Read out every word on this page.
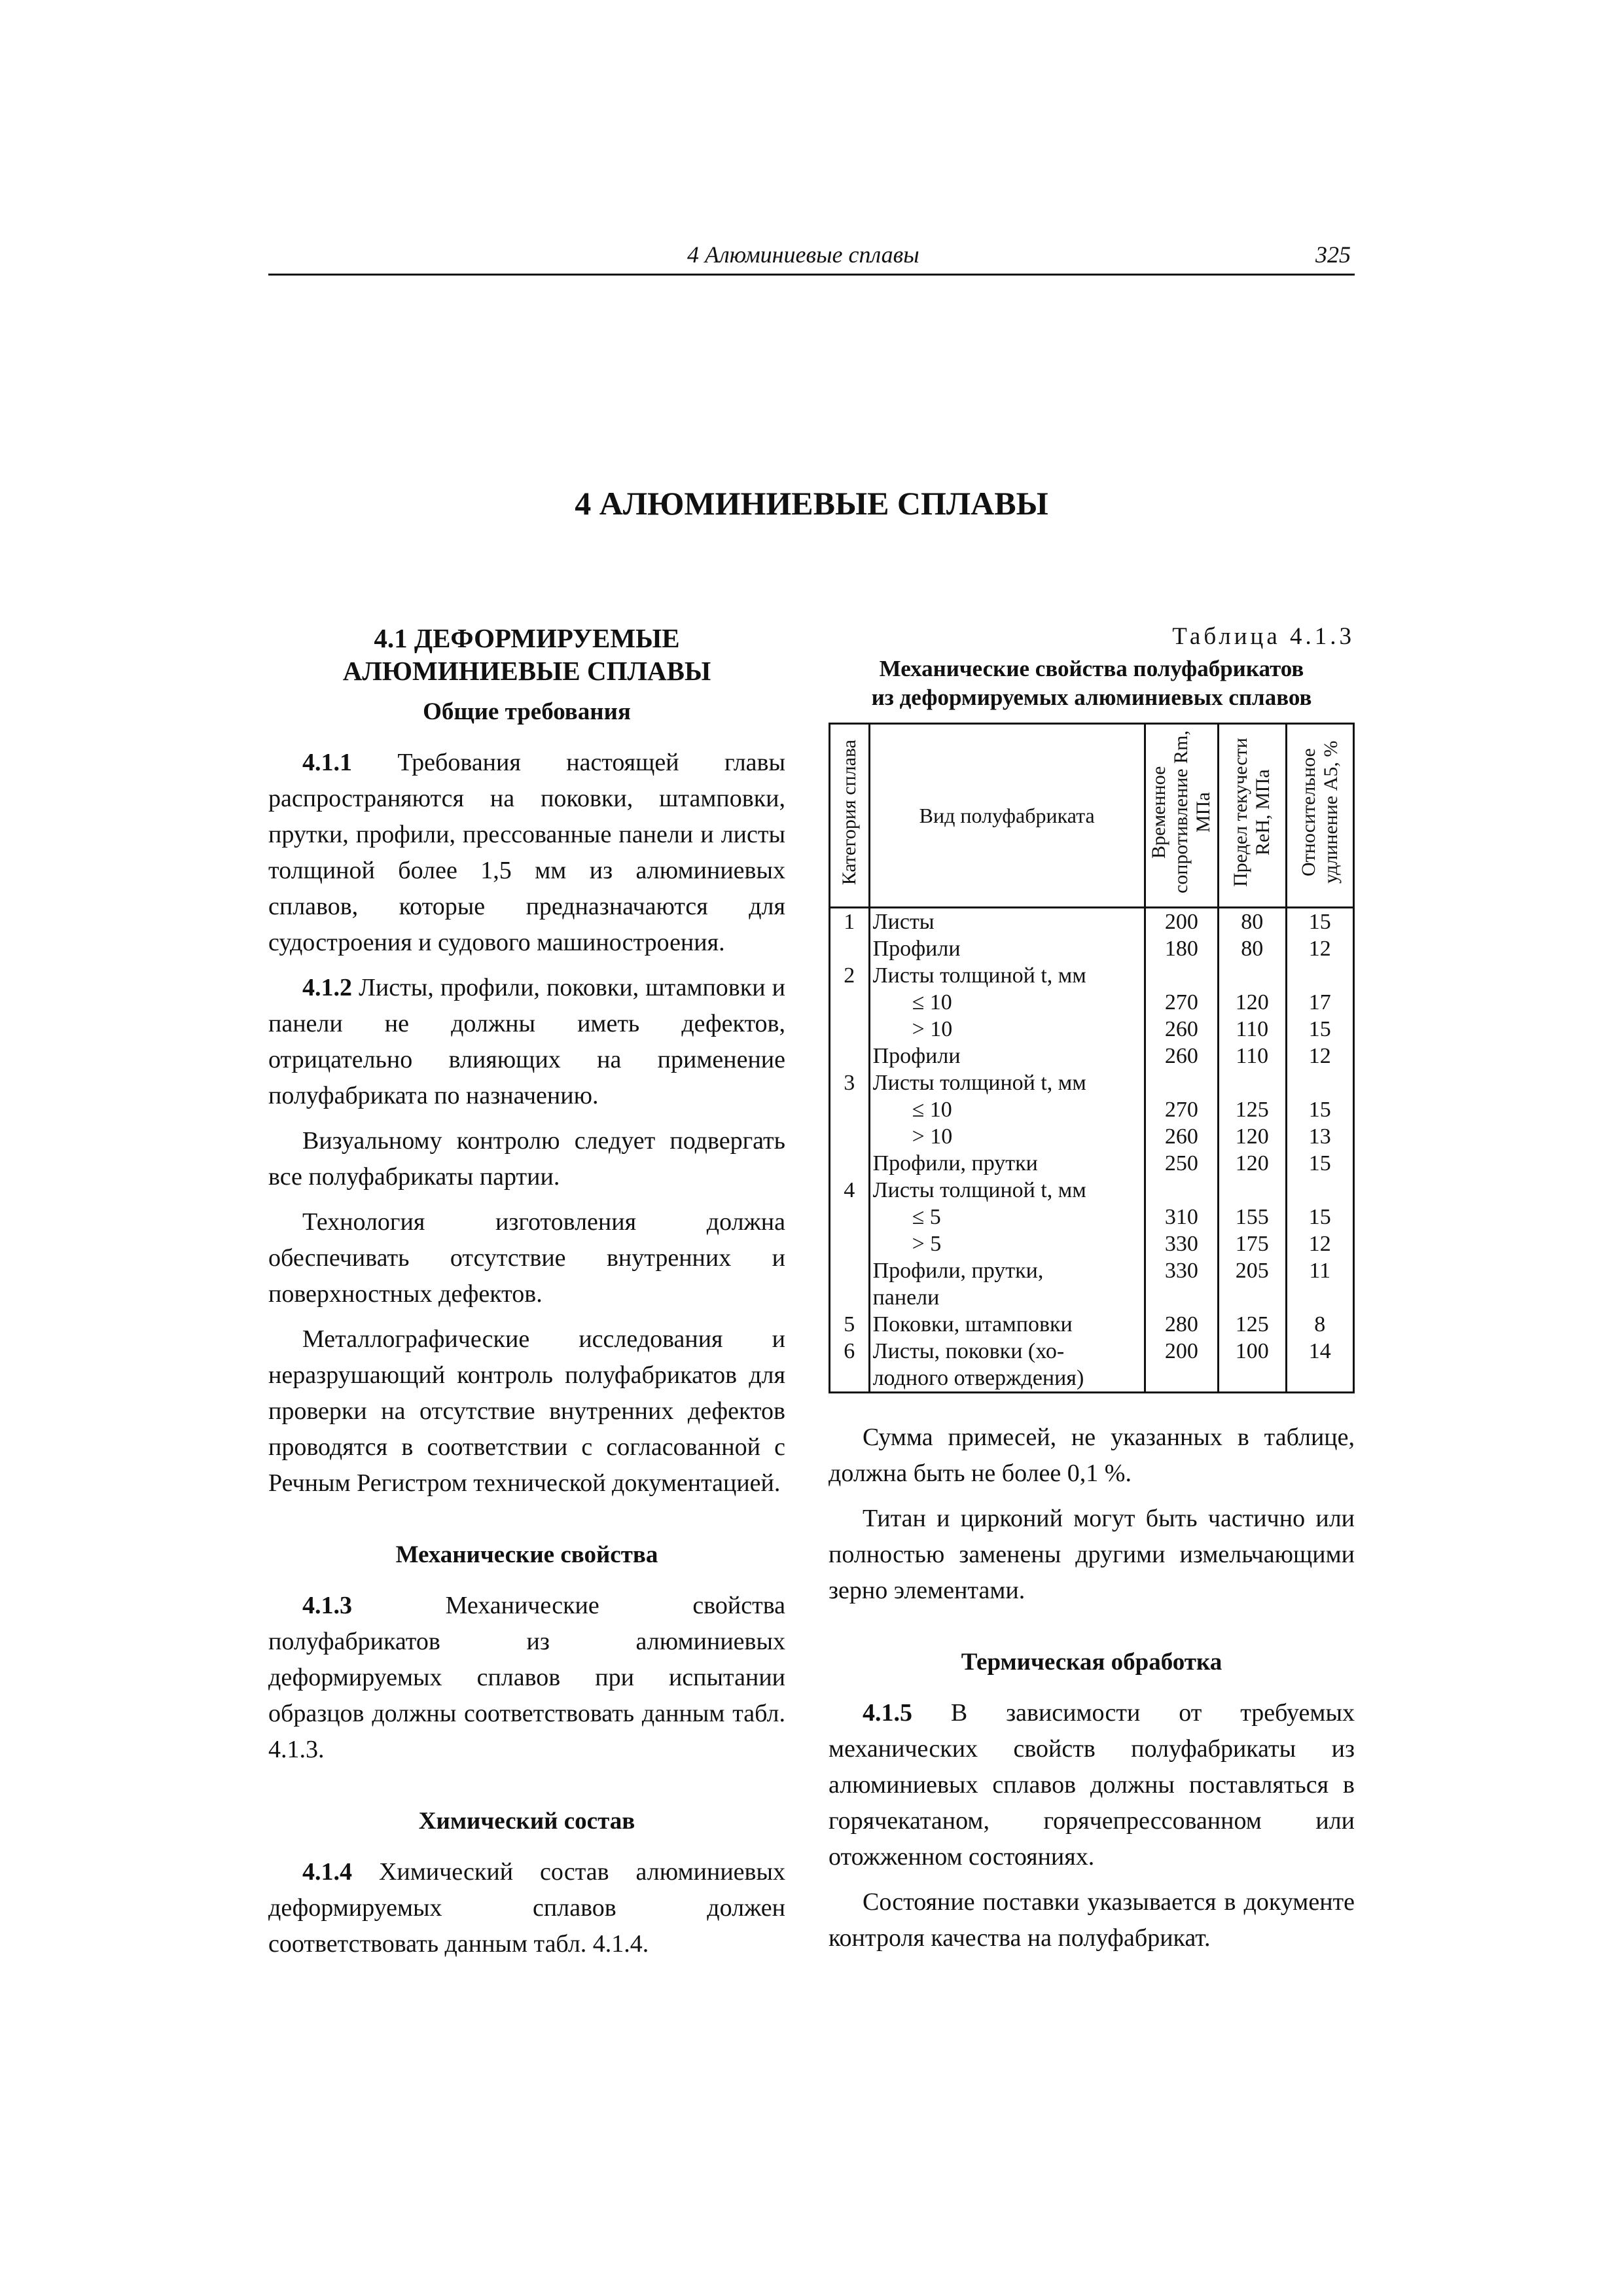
4 Алюминиевые сплавы	325
4 АЛЮМИНИЕВЫЕ СПЛАВЫ
4.1 ДЕФОРМИРУЕМЫЕ
АЛЮМИНИЕВЫЕ СПЛАВЫ
Общие требования

4.1.1 Требования настоящей главы распространяются на поковки, штамповки, прутки, профили, прессованные панели и листы толщиной более 1,5 мм из алюминиевых сплавов, которые предназначаются для судостроения и судового машиностроения.

4.1.2 Листы, профили, поковки, штамповки и панели не должны иметь дефектов, отрицательно влияющих на применение полуфабриката по назначению.

Визуальному контролю следует подвергать все полуфабрикаты партии.

Технология изготовления должна обеспечивать отсутствие внутренних и поверхностных дефектов.

Металлографические исследования и неразрушающий контроль полуфабрикатов для проверки на отсутствие внутренних дефектов проводятся в соответствии с согласованной с Речным Регистром технической документацией.

Механические свойства

4.1.3	Механические свойства полуфабрикатов из алюминиевых деформируемых сплавов при испытании образцов должны соответствовать данным табл. 4.1.3.

Химический состав

4.1.4 Химический состав алюминиевых деформируемых сплавов должен соответствовать данным табл. 4.1.4.

Таблица 4.1.3
Механические свойства полуфабрикатов
из деформируемых алюминиевых сплавов
Категория сплава	Вид полуфабриката	Временное сопротивление Rm, МПа	Предел текучести ReH, МПа	Относительное удлинение A5, %
1	Листы	200	80	15
	Профили	180	80	12
2	Листы толщиной t, мм			
	≤ 10	270	120	17
	> 10	260	110	15
	Профили	260	110	12
3	Листы толщиной t, мм			
	≤ 10	270	125	15
	> 10	260	120	13
	Профили, прутки	250	120	15
4	Листы толщиной t, мм			
	≤ 5	310	155	15
	> 5	330	175	12
	Профили, прутки,	330	205	11
	панели			
5	Поковки, штамповки	280	125	8
6	Листы, поковки (хо-	200	100	14
	лодного отверждения)			

Сумма примесей, не указанных в таблице, должна быть не более 0,1 %.

Титан и цирконий могут быть частично или полностью заменены другими измельчающими зерно элементами.

Термическая обработка

4.1.5 В зависимости от требуемых механических свойств полуфабрикаты из алюминиевых сплавов должны поставляться в горячекатаном, горячепрессованном или отожженном состояниях.

Состояние поставки указывается в документе контроля качества на полуфабрикат.
